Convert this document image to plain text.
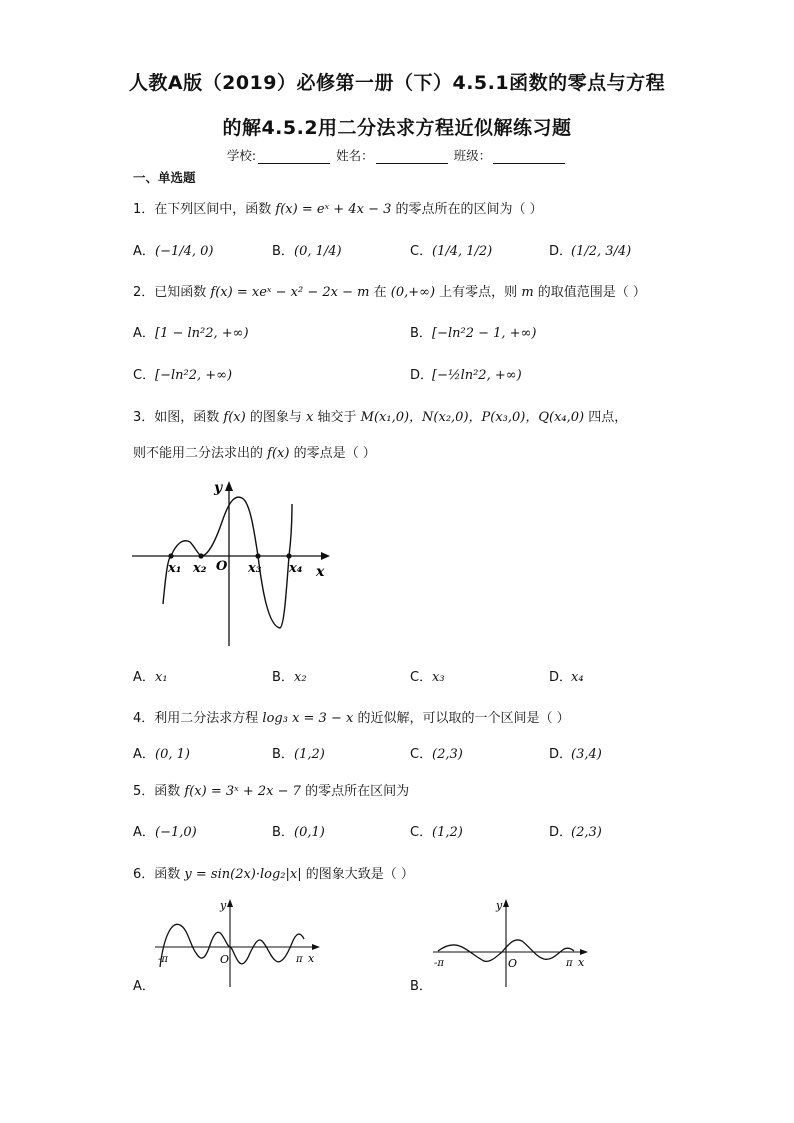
人教A版（2019）必修第一册（下）4.5.1函数的零点与方程
的解4.5.2用二分法求方程近似解练习题
学校:	姓名：	班级：
一、单选题
1．在下列区间中，函数 f(x) = eˣ + 4x − 3 的零点所在的区间为（ ）
A．(−1/4, 0)	B．(0, 1/4)	C．(1/4, 1/2)	D．(1/2, 3/4)
2．已知函数 f(x) = xeˣ − x² − 2x − m 在 (0,+∞) 上有零点，则 m 的取值范围是（ ）
A．[1 − ln²2, +∞)	B．[−ln²2 − 1, +∞)
C．[−ln²2, +∞)	D．[−½ln²2, +∞)
3．如图，函数 f(x) 的图象与 x 轴交于 M(x₁,0)，N(x₂,0)，P(x₃,0)，Q(x₄,0) 四点，
则不能用二分法求出的 f(x) 的零点是（ ）
y
x
O
x₁ x₂	x₃ x₄
A．x₁	B．x₂	C．x₃	D．x₄
4．利用二分法求方程 log₃ x = 3 − x 的近似解，可以取的一个区间是（ ）
A．(0, 1)	B．(1,2)	C．(2,3)	D．(3,4)
5．函数 f(x) = 3ˣ + 2x − 7 的零点所在区间为
A．(−1,0)	B．(0,1)	C．(1,2)	D．(2,3)
6．函数 y = sin(2x)·log₂|x| 的图象大致是（ ）
y
x
O
-π	π
A．
y
x
O
-π	π
B．
